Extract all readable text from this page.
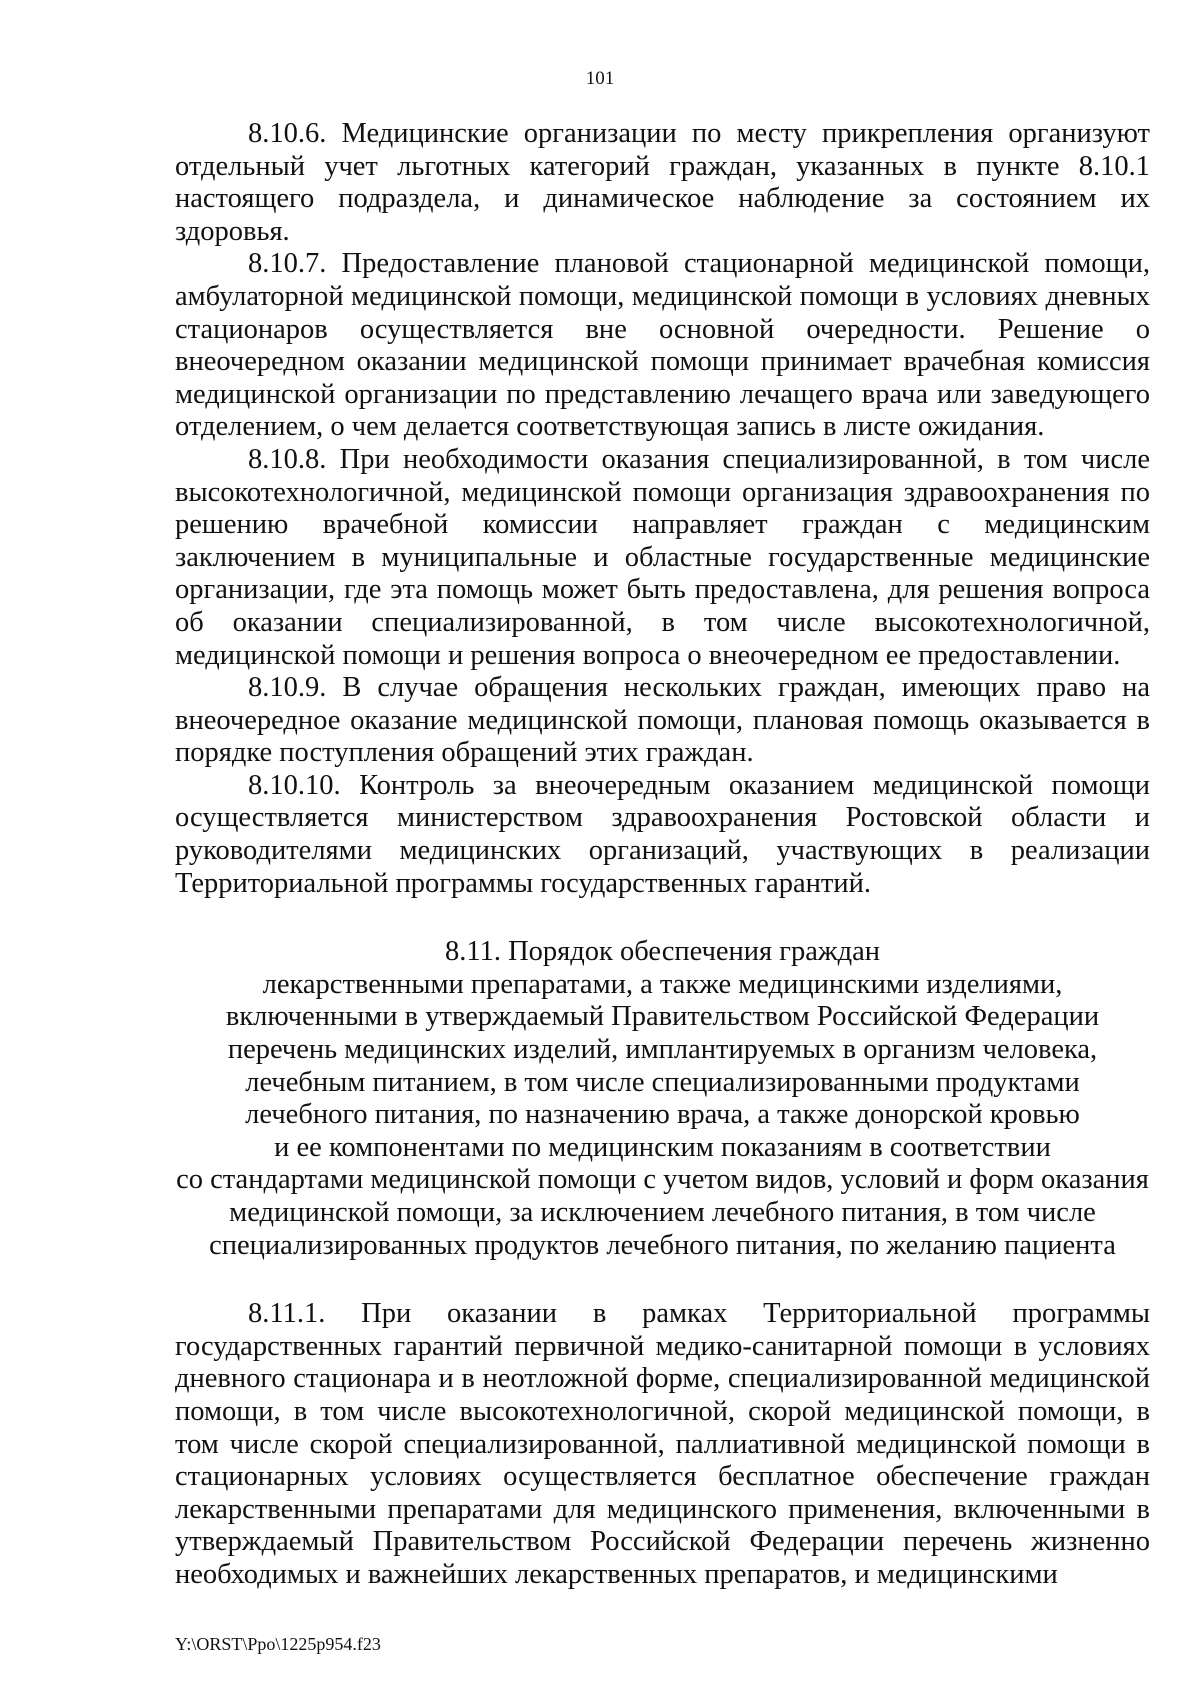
101

8.10.6. Медицинские организации по месту прикрепления организуют отдельный учет льготных категорий граждан, указанных в пункте 8.10.1 настоящего подраздела, и динамическое наблюдение за состоянием их здоровья.

8.10.7. Предоставление плановой стационарной медицинской помощи, амбулаторной медицинской помощи, медицинской помощи в условиях дневных стационаров осуществляется вне основной очередности. Решение о внеочередном оказании медицинской помощи принимает врачебная комиссия медицинской организации по представлению лечащего врача или заведующего отделением, о чем делается соответствующая запись в листе ожидания.

8.10.8. При необходимости оказания специализированной, в том числе высокотехнологичной, медицинской помощи организация здравоохранения по решению врачебной комиссии направляет граждан с медицинским заключением в муниципальные и областные государственные медицинские организации, где эта помощь может быть предоставлена, для решения вопроса об оказании специализированной, в том числе высокотехнологичной, медицинской помощи и решения вопроса о внеочередном ее предоставлении.

8.10.9. В случае обращения нескольких граждан, имеющих право на внеочередное оказание медицинской помощи, плановая помощь оказывается в порядке поступления обращений этих граждан.

8.10.10. Контроль за внеочередным оказанием медицинской помощи осуществляется министерством здравоохранения Ростовской области и руководителями медицинских организаций, участвующих в реализации Территориальной программы государственных гарантий.

8.11. Порядок обеспечения граждан
лекарственными препаратами, а также медицинскими изделиями,
включенными в утверждаемый Правительством Российской Федерации
перечень медицинских изделий, имплантируемых в организм человека,
лечебным питанием, в том числе специализированными продуктами
лечебного питания, по назначению врача, а также донорской кровью
и ее компонентами по медицинским показаниям в соответствии
со стандартами медицинской помощи с учетом видов, условий и форм оказания
медицинской помощи, за исключением лечебного питания, в том числе
специализированных продуктов лечебного питания, по желанию пациента

8.11.1. При оказании в рамках Территориальной программы государственных гарантий первичной медико-санитарной помощи в условиях дневного стационара и в неотложной форме, специализированной медицинской помощи, в том числе высокотехнологичной, скорой медицинской помощи, в том числе скорой специализированной, паллиативной медицинской помощи в стационарных условиях осуществляется бесплатное обеспечение граждан лекарственными препаратами для медицинского применения, включенными в утверждаемый Правительством Российской Федерации перечень жизненно необходимых и важнейших лекарственных препаратов, и медицинскими

Y:\ORST\Ppo\1225p954.f23
